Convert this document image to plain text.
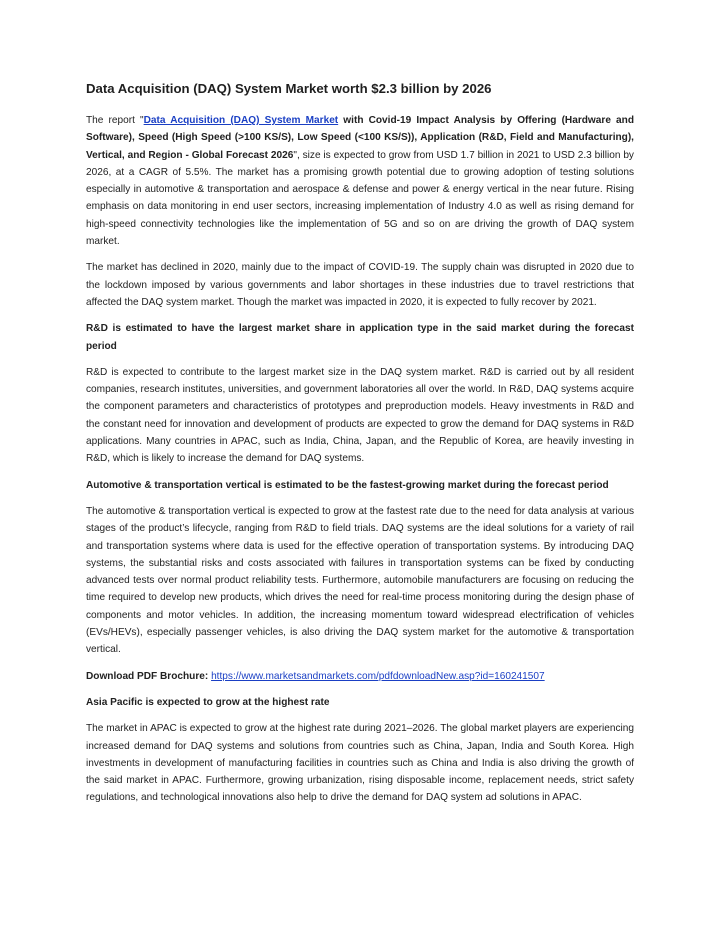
Data Acquisition (DAQ) System Market worth $2.3 billion by 2026

The report "Data Acquisition (DAQ) System Market with Covid-19 Impact Analysis by Offering (Hardware and Software), Speed (High Speed (>100 KS/S), Low Speed (<100 KS/S)), Application (R&D, Field and Manufacturing), Vertical, and Region - Global Forecast 2026", size is expected to grow from USD 1.7 billion in 2021 to USD 2.3 billion by 2026, at a CAGR of 5.5%. The market has a promising growth potential due to growing adoption of testing solutions especially in automotive & transportation and aerospace & defense and power & energy vertical in the near future. Rising emphasis on data monitoring in end user sectors, increasing implementation of Industry 4.0 as well as rising demand for high-speed connectivity technologies like the implementation of 5G and so on are driving the growth of DAQ system market.

The market has declined in 2020, mainly due to the impact of COVID-19. The supply chain was disrupted in 2020 due to the lockdown imposed by various governments and labor shortages in these industries due to travel restrictions that affected the DAQ system market. Though the market was impacted in 2020, it is expected to fully recover by 2021.

R&D is estimated to have the largest market share in application type in the said market during the forecast period

R&D is expected to contribute to the largest market size in the DAQ system market. R&D is carried out by all resident companies, research institutes, universities, and government laboratories all over the world. In R&D, DAQ systems acquire the component parameters and characteristics of prototypes and preproduction models. Heavy investments in R&D and the constant need for innovation and development of products are expected to grow the demand for DAQ systems in R&D applications. Many countries in APAC, such as India, China, Japan, and the Republic of Korea, are heavily investing in R&D, which is likely to increase the demand for DAQ systems.

Automotive & transportation vertical is estimated to be the fastest-growing market during the forecast period

The automotive & transportation vertical is expected to grow at the fastest rate due to the need for data analysis at various stages of the product’s lifecycle, ranging from R&D to field trials. DAQ systems are the ideal solutions for a variety of rail and transportation systems where data is used for the effective operation of transportation systems. By introducing DAQ systems, the substantial risks and costs associated with failures in transportation systems can be fixed by conducting advanced tests over normal product reliability tests. Furthermore, automobile manufacturers are focusing on reducing the time required to develop new products, which drives the need for real-time process monitoring during the design phase of components and motor vehicles. In addition, the increasing momentum toward widespread electrification of vehicles (EVs/HEVs), especially passenger vehicles, is also driving the DAQ system market for the automotive & transportation vertical.

Download PDF Brochure: https://www.marketsandmarkets.com/pdfdownloadNew.asp?id=160241507

Asia Pacific is expected to grow at the highest rate

The market in APAC is expected to grow at the highest rate during 2021–2026. The global market players are experiencing increased demand for DAQ systems and solutions from countries such as China, Japan, India and South Korea. High investments in development of manufacturing facilities in countries such as China and India is also driving the growth of the said market in APAC. Furthermore, growing urbanization, rising disposable income, replacement needs, strict safety regulations, and technological innovations also help to drive the demand for DAQ system ad solutions in APAC.
